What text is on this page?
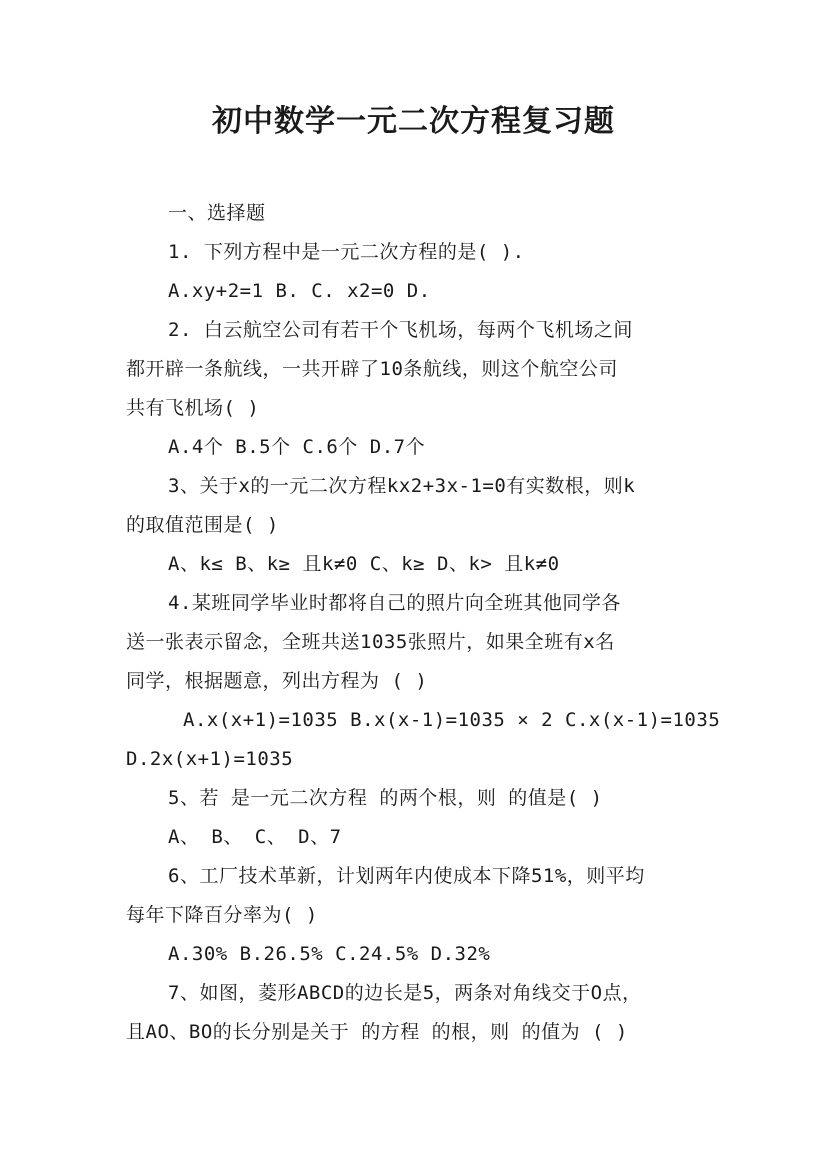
初中数学一元二次方程复习题
一、选择题
1. 下列方程中是一元二次方程的是( ).
A.xy+2=1 B. C. x2=0 D.
2. 白云航空公司有若干个飞机场，每两个飞机场之间
都开辟一条航线，一共开辟了10条航线，则这个航空公司
共有飞机场( )
A.4个 B.5个 C.6个 D.7个
3、关于x的一元二次方程kx2+3x-1=0有实数根，则k
的取值范围是( )
A、k≤ B、k≥ 且k≠0 C、k≥ D、k> 且k≠0
4.某班同学毕业时都将自己的照片向全班其他同学各
送一张表示留念，全班共送1035张照片，如果全班有x名
同学，根据题意，列出方程为 ( )
A.x(x+1)=1035 B.x(x-1)=1035 × 2 C.x(x-1)=1035
D.2x(x+1)=1035
5、若 是一元二次方程 的两个根，则 的值是( )
A、 B、 C、 D、7
6、工厂技术革新，计划两年内使成本下降51%，则平均
每年下降百分率为( )
A.30% B.26.5% C.24.5% D.32%
7、如图，菱形ABCD的边长是5，两条对角线交于O点，
且AO、BO的长分别是关于 的方程 的根，则 的值为 ( )
